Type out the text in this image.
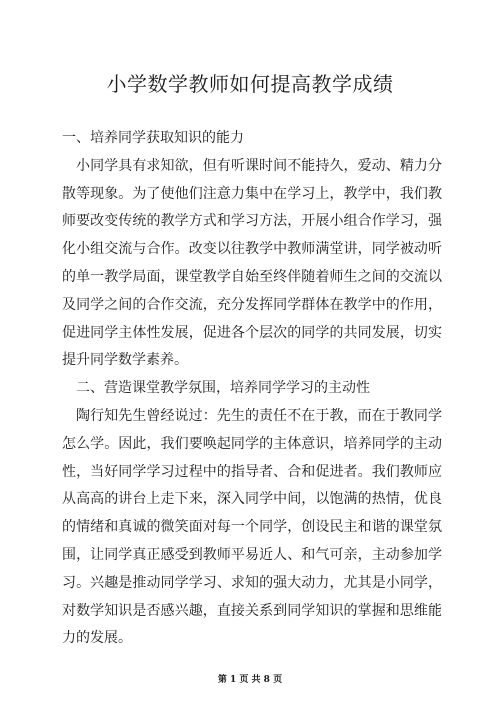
小学数学教师如何提高教学成绩

一、培养同学获取知识的能力

小同学具有求知欲，但有听课时间不能持久，爱动、精力分散等现象。为了使他们注意力集中在学习上，教学中，我们教师要改变传统的教学方式和学习方法，开展小组合作学习，强化小组交流与合作。改变以往教学中教师满堂讲，同学被动听的单一教学局面，课堂教学自始至终伴随着师生之间的交流以及同学之间的合作交流，充分发挥同学群体在教学中的作用，促进同学主体性发展，促进各个层次的同学的共同发展，切实提升同学数学素养。

二、营造课堂教学氛围，培养同学学习的主动性

陶行知先生曾经说过：先生的责任不在于教，而在于教同学怎么学。因此，我们要唤起同学的主体意识，培养同学的主动性，当好同学学习过程中的指导者、合和促进者。我们教师应从高高的讲台上走下来，深入同学中间，以饱满的热情，优良的情绪和真诚的微笑面对每一个同学，创设民主和谐的课堂氛围，让同学真正感受到教师平易近人、和气可亲，主动参加学习。兴趣是推动同学学习、求知的强大动力，尤其是小同学，对数学知识是否感兴趣，直接关系到同学知识的掌握和思维能力的发展。

第 1 页 共 8 页
